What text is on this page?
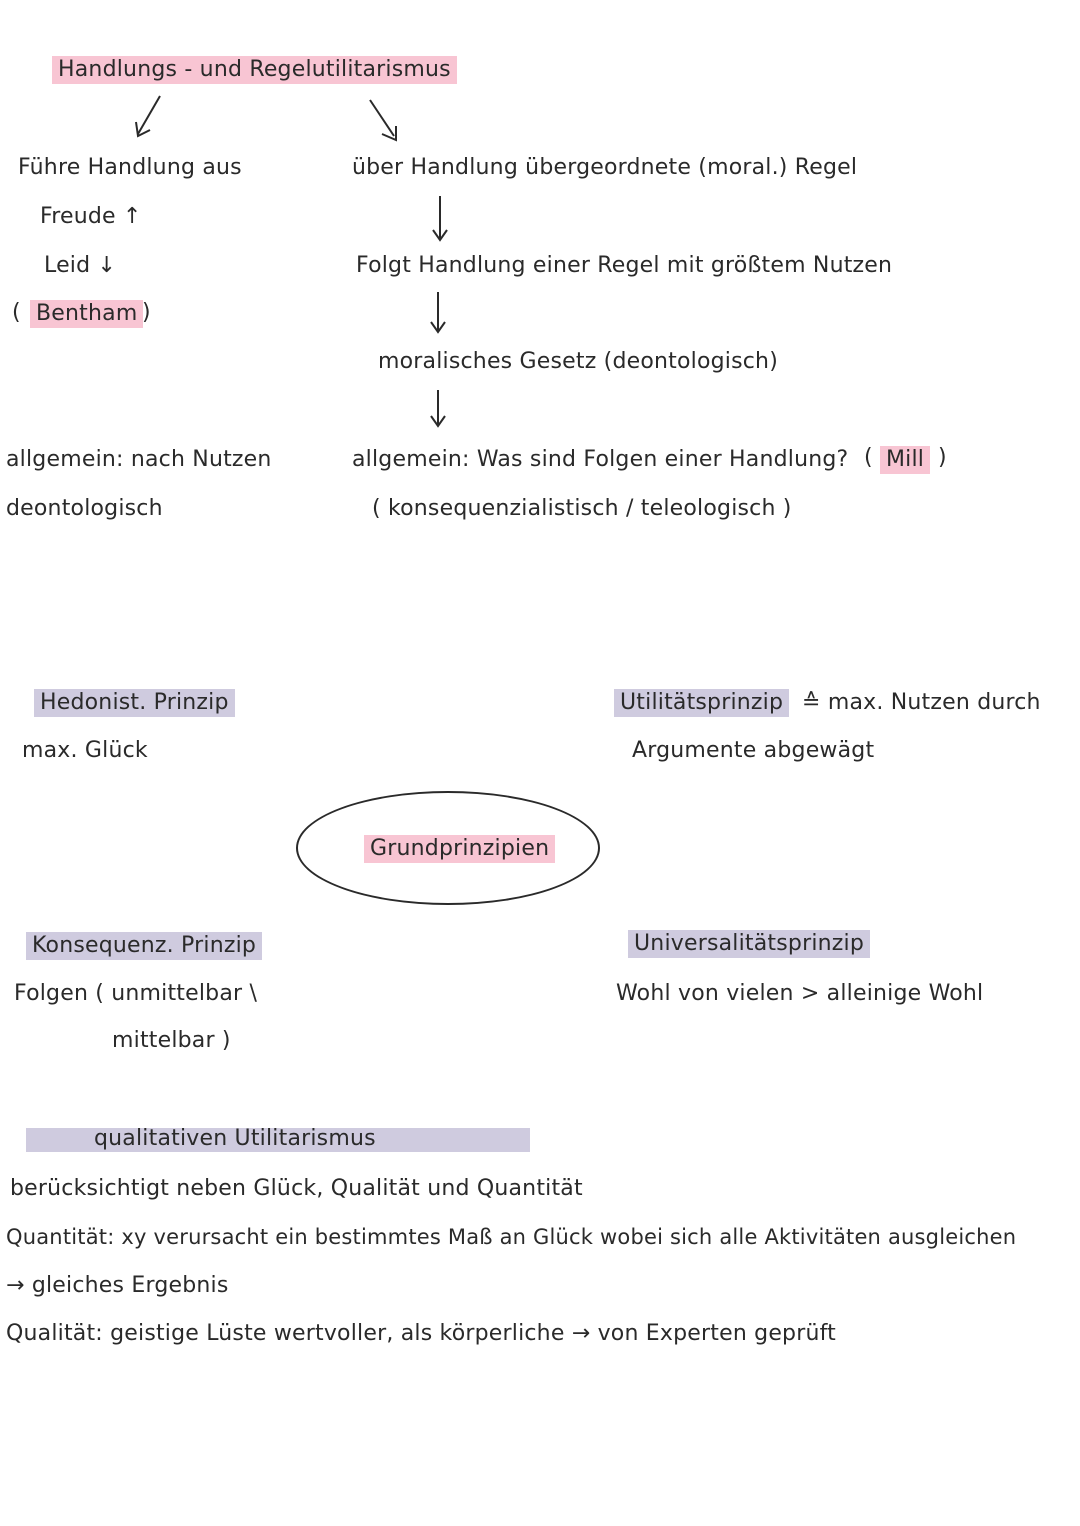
Handlungs - und Regelutilitarismus
Führe Handlung aus
Freude ↑
Leid ↓
( Bentham )
allgemein: nach Nutzen
deontologisch
über Handlung übergeordnete (moral.) Regel
Folgt Handlung einer Regel mit größtem Nutzen
moralisches Gesetz (deontologisch)
allgemein: Was sind Folgen einer Handlung? ( Mill )
( konsequenzialistisch / teleologisch )
Hedonist. Prinzip
max. Glück
Utilitätsprinzip ≙ max. Nutzen durch
Argumente abgewägt
Grundprinzipien
Konsequenz. Prinzip
Folgen ( unmittelbar \
mittelbar )
Universalitätsprinzip
Wohl von vielen > alleinige Wohl
qualitativen Utilitarismus
berücksichtigt neben Glück, Qualität und Quantität
Quantität: xy verursacht ein bestimmtes Maß an Glück wobei sich alle Aktivitäten ausgleichen
→ gleiches Ergebnis
Qualität: geistige Lüste wertvoller, als körperliche → von Experten geprüft
